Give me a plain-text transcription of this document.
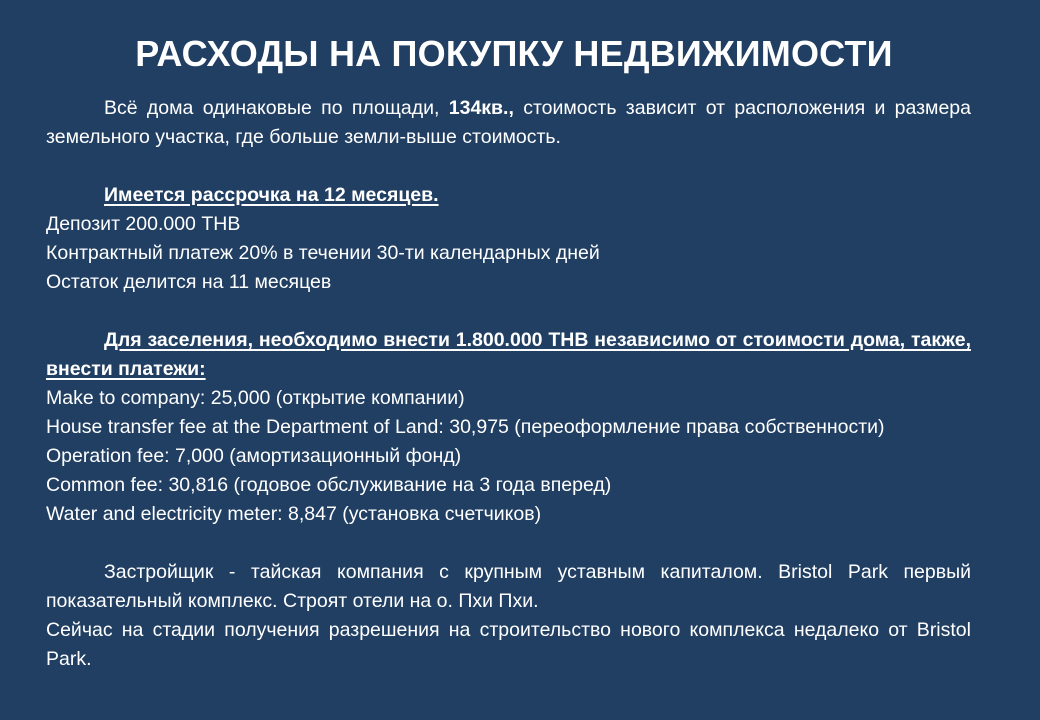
РАСХОДЫ НА ПОКУПКУ НЕДВИЖИМОСТИ

Всё дома одинаковые по площади, 134кв., стоимость зависит от расположения и размера земельного участка, где больше земли-выше стоимость.

Имеется рассрочка на 12 месяцев.

Депозит 200.000 THB

Контрактный платеж 20% в течении 30-ти календарных дней

Остаток делится на 11 месяцев

Для заселения, необходимо внести 1.800.000 THB независимо от стоимости дома, также, внести платежи:

Make to company: 25,000 (открытие компании)

House transfer fee at the Department of Land: 30,975 (переоформление права собственности)

Operation fee: 7,000 (амортизационный фонд)

Common fee: 30,816 (годовое обслуживание на 3 года вперед)

Water and electricity meter: 8,847 (установка счетчиков)

Застройщик - тайская компания с крупным уставным капиталом. Bristol Park первый показательный комплекс. Строят отели на о. Пхи Пхи.

Сейчас на стадии получения разрешения на строительство нового комплекса недалеко от Bristol Park.
